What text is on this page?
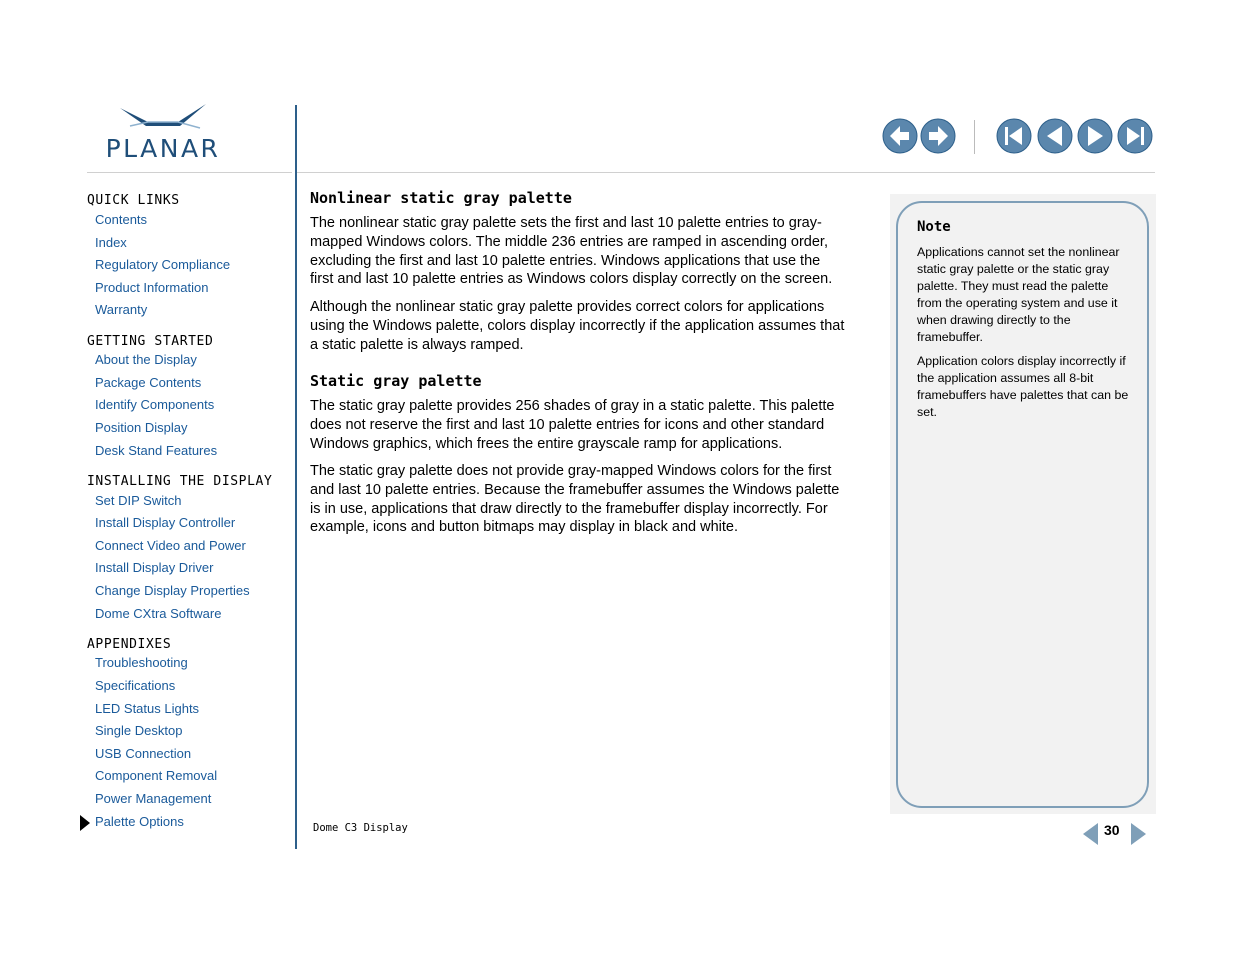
PLANAR
QUICK LINKS
Contents
Index
Regulatory Compliance
Product Information
Warranty
GETTING STARTED
About the Display
Package Contents
Identify Components
Position Display
Desk Stand Features
INSTALLING THE DISPLAY
Set DIP Switch
Install Display Controller
Connect Video and Power
Install Display Driver
Change Display Properties
Dome CXtra Software
APPENDIXES
Troubleshooting
Specifications
LED Status Lights
Single Desktop
USB Connection
Component Removal
Power Management
Palette Options
Nonlinear static gray palette

The nonlinear static gray palette sets the first and last 10 palette entries to gray-mapped Windows colors. The middle 236 entries are ramped in ascending order, excluding the first and last 10 palette entries. Windows applications that use the first and last 10 palette entries as Windows colors display correctly on the screen.

Although the nonlinear static gray palette provides correct colors for applications using the Windows palette, colors display incorrectly if the application assumes that a static palette is always ramped.

Static gray palette

The static gray palette provides 256 shades of gray in a static palette. This palette does not reserve the first and last 10 palette entries for icons and other standard Windows graphics, which frees the entire grayscale ramp for applications.

The static gray palette does not provide gray-mapped Windows colors for the first and last 10 palette entries. Because the framebuffer assumes the Windows palette is in use, applications that draw directly to the framebuffer display incorrectly. For example, icons and button bitmaps may display in black and white.

Note

Applications cannot set the nonlinear static gray palette or the static gray palette. They must read the palette from the operating system and use it when drawing directly to the framebuffer.

Application colors display incorrectly if the application assumes all 8-bit framebuffers have palettes that can be set.

Dome C3 Display	30
